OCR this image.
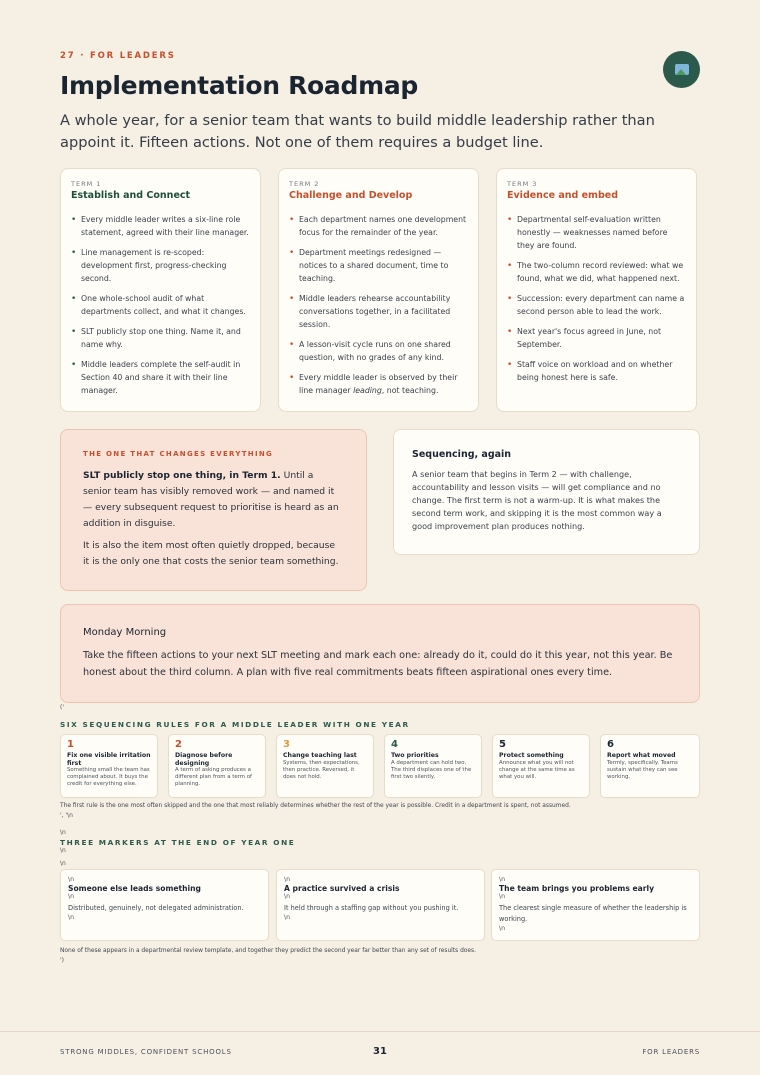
27 · FOR LEADERS
Implementation Roadmap

A whole year, for a senior team that wants to build middle leadership rather than appoint it. Fifteen actions. Not one of them requires a budget line.

TERM 1
Establish and Connect
• Every middle leader writes a six-line role statement, agreed with their line manager.
• Line management is re-scoped: development first, progress-checking second.
• One whole-school audit of what departments collect, and what it changes.
• SLT publicly stop one thing. Name it, and name why.
• Middle leaders complete the self-audit in Section 40 and share it with their line manager.
TERM 2
Challenge and Develop
• Each department names one development focus for the remainder of the year.
• Department meetings redesigned — notices to a shared document, time to teaching.
• Middle leaders rehearse accountability conversations together, in a facilitated session.
• A lesson-visit cycle runs on one shared question, with no grades of any kind.
• Every middle leader is observed by their line manager leading, not teaching.
TERM 3
Evidence and embed
• Departmental self-evaluation written honestly — weaknesses named before they are found.
• The two-column record reviewed: what we found, what we did, what happened next.
• Succession: every department can name a second person able to lead the work.
• Next year's focus agreed in June, not September.
• Staff voice on workload and on whether being honest here is safe.
THE ONE THAT CHANGES EVERYTHING

SLT publicly stop one thing, in Term 1. Until a senior team has visibly removed work — and named it — every subsequent request to prioritise is heard as an addition in disguise.

It is also the item most often quietly dropped, because it is the only one that costs the senior team something.

Sequencing, again

A senior team that begins in Term 2 — with challenge, accountability and lesson visits — will get compliance and no change. The first term is not a warm-up. It is what makes the second term work, and skipping it is the most common way a good improvement plan produces nothing.

Monday Morning

Take the fifteen actions to your next SLT meeting and mark each one: already do it, could do it this year, not this year. Be honest about the third column. A plan with five real commitments beats fifteen aspirational ones every time.

('
SIX SEQUENCING RULES FOR A MIDDLE LEADER WITH ONE YEAR
1
Fix one visible irritation first
Something small the team has complained about. It buys the credit for everything else.
2
Diagnose before designing
A term of asking produces a different plan from a term of planning.
3
Change teaching last
Systems, then expectations, then practice. Reversed, it does not hold.
4
Two priorities
A department can hold two. The third displaces one of the first two silently.
5
Protect something
Announce what you will not change at the same time as what you will.
6
Report what moved
Termly, specifically. Teams sustain what they can see working.
The first rule is the one most often skipped and the one that most reliably determines whether the rest of the year is possible. Credit in a department is spent, not assumed.
', '\n
\n
THREE MARKERS AT THE END OF YEAR ONE
\n
\n
\n
Someone else leads something
\n
Distributed, genuinely, not delegated administration.
\n
\n
A practice survived a crisis
\n
It held through a staffing gap without you pushing it.
\n
\n
The team brings you problems early
\n
The clearest single measure of whether the leadership is working.
\n
None of these appears in a departmental review template, and together they predict the second year far better than any set of results does.
')
STRONG MIDDLES, CONFIDENT SCHOOLS	31	FOR LEADERS
